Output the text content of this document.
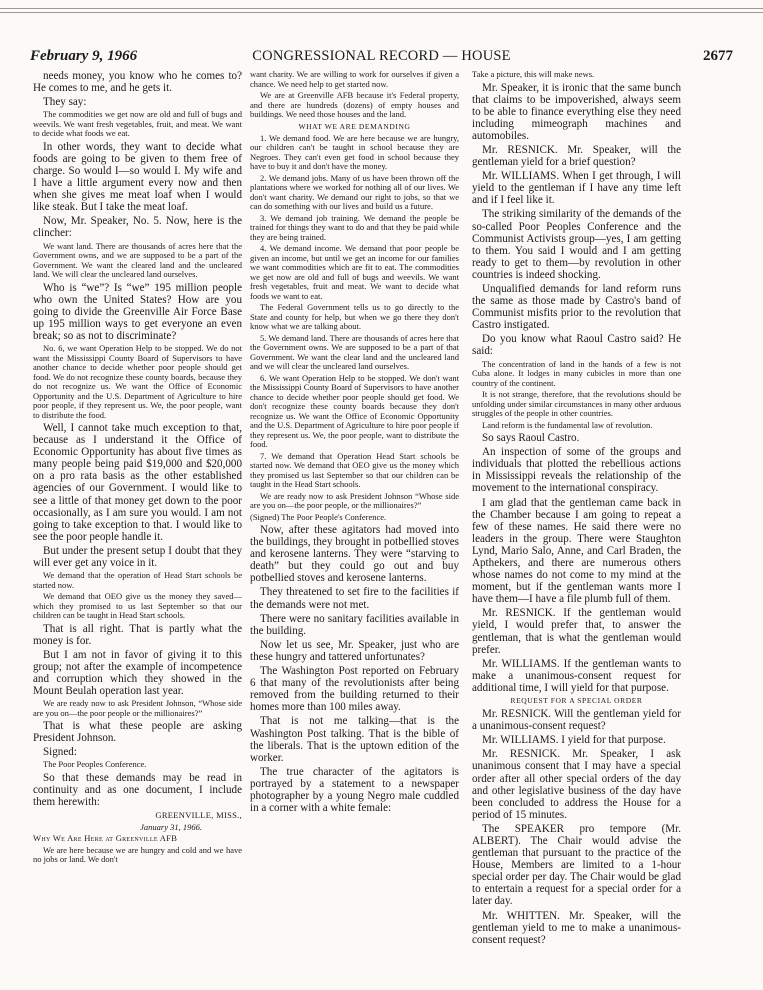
February 9, 1966	CONGRESSIONAL RECORD — HOUSE	2677

needs money, you know who he comes to? He comes to me, and he gets it.

They say:

The commodities we get now are old and full of bugs and weevils. We want fresh vegetables, fruit, and meat. We want to decide what foods we eat.

In other words, they want to decide what foods are going to be given to them free of charge. So would I—so would I. My wife and I have a little argument every now and then when she gives me meat loaf when I would like steak. But I take the meat loaf.

Now, Mr. Speaker, No. 5. Now, here is the clincher:

We want land. There are thousands of acres here that the Government owns, and we are supposed to be a part of the Government. We want the cleared land and the uncleared land. We will clear the uncleared land ourselves.

Who is “we”? Is “we” 195 million people who own the United States? How are you going to divide the Greenville Air Force Base up 195 million ways to get everyone an even break; so as not to discriminate?

No. 6, we want Operation Help to be stopped. We do not want the Mississippi County Board of Supervisors to have another chance to decide whether poor people should get food. We do not recognize these county boards, because they do not recognize us. We want the Office of Economic Opportunity and the U.S. Department of Agriculture to hire poor people, if they represent us. We, the poor people, want to distribute the food.

Well, I cannot take much exception to that, because as I understand it the Office of Economic Opportunity has about five times as many people being paid $19,000 and $20,000 on a pro rata basis as the other established agencies of our Government. I would like to see a little of that money get down to the poor occasionally, as I am sure you would. I am not going to take exception to that. I would like to see the poor people handle it.

But under the present setup I doubt that they will ever get any voice in it.

We demand that the operation of Head Start schools be started now.

We demand that OEO give us the money they saved—which they promised to us last September so that our children can be taught in Head Start schools.

That is all right. That is partly what the money is for.

But I am not in favor of giving it to this group; not after the example of incompetence and corruption which they showed in the Mount Beulah operation last year.

We are ready now to ask President Johnson, “Whose side are you on—the poor people or the millionaires?”

That is what these people are asking President Johnson.

Signed:

The Poor Peoples Conference.

So that these demands may be read in continuity and as one document, I include them herewith:

GREENVILLE, MISS.,

January 31, 1966.

Why We Are Here at Greenville AFB

We are here because we are hungry and cold and we have no jobs or land. We don't

want charity. We are willing to work for ourselves if given a chance. We need help to get started now.

We are at Greenville AFB because it's Federal property, and there are hundreds (dozens) of empty houses and buildings. We need those houses and the land.

WHAT WE ARE DEMANDING

1. We demand food. We are here because we are hungry, our children can't be taught in school because they are Negroes. They can't even get food in school because they have to buy it and don't have the money.

2. We demand jobs. Many of us have been thrown off the plantations where we worked for nothing all of our lives. We don't want charity. We demand our right to jobs, so that we can do something with our lives and build us a future.

3. We demand job training. We demand the people be trained for things they want to do and that they be paid while they are being trained.

4. We demand income. We demand that poor people be given an income, but until we get an income for our families we want commodities which are fit to eat. The commodities we get now are old and full of bugs and weevils. We want fresh vegetables, fruit and meat. We want to decide what foods we want to eat.

The Federal Government tells us to go directly to the State and county for help, but when we go there they don't know what we are talking about.

5. We demand land. There are thousands of acres here that the Government owns. We are supposed to be a part of that Government. We want the clear land and the uncleared land and we will clear the uncleared land ourselves.

6. We want Operation Help to be stopped. We don't want the Mississippi County Board of Supervisors to have another chance to decide whether poor people should get food. We don't recognize these county boards because they don't recognize us. We want the Office of Economic Opportunity and the U.S. Department of Agriculture to hire poor people if they represent us. We, the poor people, want to distribute the food.

7. We demand that Operation Head Start schools be started now. We demand that OEO give us the money which they promised us last September so that our children can be taught in the Head Start schools.

We are ready now to ask President Johnson “Whose side are you on—the poor people, or the millionaires?”

(Signed) The Poor People's Conference.

Now, after these agitators had moved into the buildings, they brought in potbellied stoves and kerosene lanterns. They were “starving to death” but they could go out and buy potbellied stoves and kerosene lanterns.

They threatened to set fire to the facilities if the demands were not met.

There were no sanitary facilities available in the building.

Now let us see, Mr. Speaker, just who are these hungry and tattered unfortunates?

The Washington Post reported on February 6 that many of the revolutionists after being removed from the building returned to their homes more than 100 miles away.

That is not me talking—that is the Washington Post talking. That is the bible of the liberals. That is the uptown edition of the worker.

The true character of the agitators is portrayed by a statement to a newspaper photographer by a young Negro male cuddled in a corner with a white female:

Take a picture, this will make news.

Mr. Speaker, it is ironic that the same bunch that claims to be impoverished, always seem to be able to finance everything else they need including mimeograph machines and automobiles.

Mr. RESNICK. Mr. Speaker, will the gentleman yield for a brief question?

Mr. WILLIAMS. When I get through, I will yield to the gentleman if I have any time left and if I feel like it.

The striking similarity of the demands of the so-called Poor Peoples Conference and the Communist Activists group—yes, I am getting to them. You said I would and I am getting ready to get to them—by revolution in other countries is indeed shocking.

Unqualified demands for land reform runs the same as those made by Castro's band of Communist misfits prior to the revolution that Castro instigated.

Do you know what Raoul Castro said? He said:

The concentration of land in the hands of a few is not Cuba alone. It lodges in many cubicles in more than one country of the continent.

It is not strange, therefore, that the revolutions should be unfolding under similar circumstances in many other arduous struggles of the people in other countries.

Land reform is the fundamental law of revolution.

So says Raoul Castro.

An inspection of some of the groups and individuals that plotted the rebellious actions in Mississippi reveals the relationship of the movement to the international conspiracy.

I am glad that the gentleman came back in the Chamber because I am going to repeat a few of these names. He said there were no leaders in the group. There were Staughton Lynd, Mario Salo, Anne, and Carl Braden, the Apthekers, and there are numerous others whose names do not come to my mind at the moment, but if the gentleman wants more I have them—I have a file plumb full of them.

Mr. RESNICK. If the gentleman would yield, I would prefer that, to answer the gentleman, that is what the gentleman would prefer.

Mr. WILLIAMS. If the gentleman wants to make a unanimous-consent request for additional time, I will yield for that purpose.

REQUEST FOR A SPECIAL ORDER

Mr. RESNICK. Will the gentleman yield for a unanimous-consent request?

Mr. WILLIAMS. I yield for that purpose.

Mr. RESNICK. Mr. Speaker, I ask unanimous consent that I may have a special order after all other special orders of the day and other legislative business of the day have been concluded to address the House for a period of 15 minutes.

The SPEAKER pro tempore (Mr. ALBERT). The Chair would advise the gentleman that pursuant to the practice of the House, Members are limited to a 1-hour special order per day. The Chair would be glad to entertain a request for a special order for a later day.

Mr. WHITTEN. Mr. Speaker, will the gentleman yield to me to make a unanimous-consent request?
